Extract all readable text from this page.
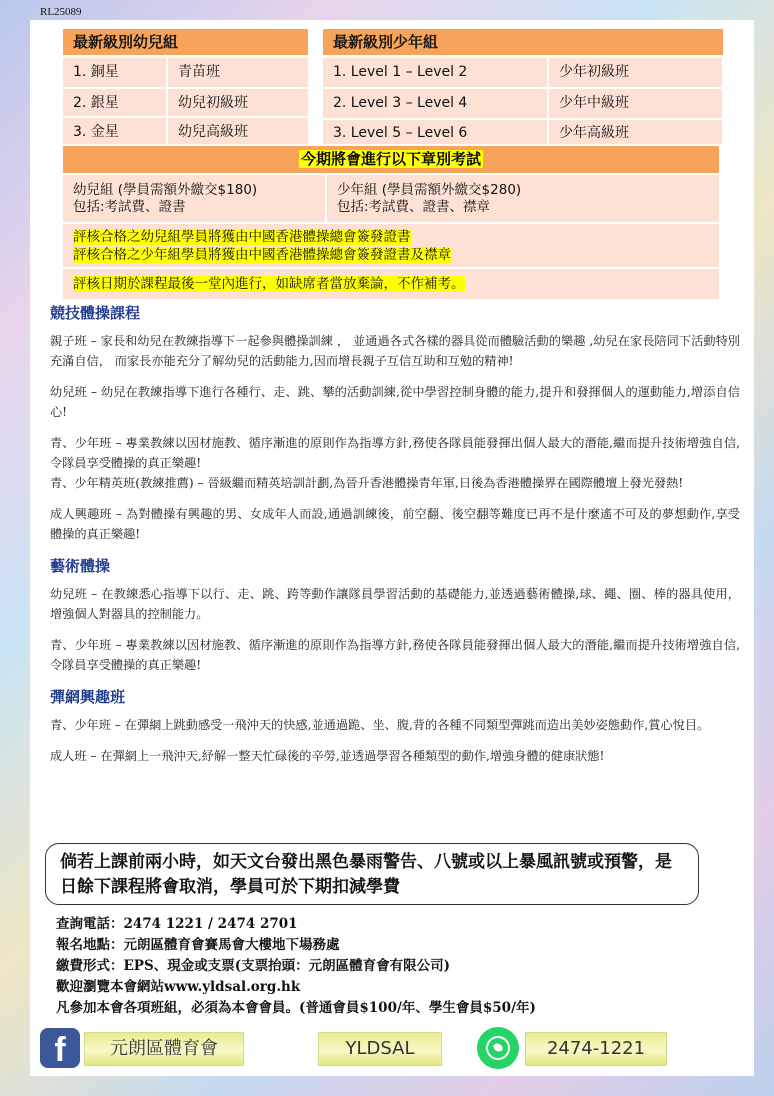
RL25089
最新級別幼兒組
1. 銅星	青苗班
2. 銀星	幼兒初級班
3. 金星	幼兒高級班
最新級別少年組
1. Level 1 – Level 2	少年初級班
2. Level 3 – Level 4	少年中級班
3. Level 5 – Level 6	少年高級班
今期將會進行以下章別考試
幼兒組 (學員需額外繳交$180)
包括:考試費、證書
少年組 (學員需額外繳交$280)
包括:考試費、證書、襟章
評核合格之幼兒組學員將獲由中國香港體操總會簽發證書
評核合格之少年組學員將獲由中國香港體操總會簽發證書及襟章
評核日期於課程最後一堂內進行，如缺席者當放棄論，不作補考。
競技體操課程

親子班 – 家長和幼兒在教練指導下一起參與體操訓練 ， 並通過各式各樣的器具從而體驗活動的樂趣 ,幼兒在家長陪同下活動特別充滿自信， 而家長亦能充分了解幼兒的活動能力,因而增長親子互信互助和互勉的精神!

幼兒班 – 幼兒在教練指導下進行各種行、走、跳、攀的活動訓練,從中學習控制身體的能力,提升和發揮個人的運動能力,增添自信心!

青、少年班 – 專業教練以因材施教、循序漸進的原則作為指導方針,務使各隊員能發揮出個人最大的潛能,繼而提升技術增強自信,令隊員享受體操的真正樂趣!

青、少年精英班(教練推薦) – 晉級繼而精英培訓計劃,為晉升香港體操青年軍,日後為香港體操界在國際體壇上發光發熱!

成人興趣班 – 為對體操有興趣的男、女成年人而設,通過訓練後，前空翻、後空翻等難度已再不是什麼遙不可及的夢想動作,享受體操的真正樂趣!

藝術體操

幼兒班 – 在教練悉心指導下以行、走、跳、跨等動作讓隊員學習活動的基礎能力,並透過藝術體操,球、繩、圈、棒的器具使用，增強個人對器具的控制能力。

青、少年班 – 專業教練以因材施教、循序漸進的原則作為指導方針,務使各隊員能發揮出個人最大的潛能,繼而提升技術增強自信,令隊員享受體操的真正樂趣!

彈網興趣班

青、少年班 – 在彈網上跳動感受一飛沖天的快感,並通過跪、坐、腹,背的各種不同類型彈跳而造出美妙姿態動作,賞心悅目。

成人班 – 在彈網上一飛沖天,紓解一整天忙碌後的辛勞,並透過學習各種類型的動作,增強身體的健康狀態!

倘若上課前兩小時，如天文台發出黑色暴雨警告、八號或以上暴風訊號或預警，是日餘下課程將會取消，學員可於下期扣減學費
查詢電話：2474 1221 / 2474 2701
報名地點：元朗區體育會賽馬會大樓地下場務處
繳費形式：EPS、現金或支票(支票抬頭：元朗區體育會有限公司)
歡迎瀏覽本會網站www.yldsal.org.hk
凡參加本會各項班組，必須為本會會員。(普通會員$100/年、學生會員$50/年)
f	元朗區體育會	YLDSAL	2474-1221
